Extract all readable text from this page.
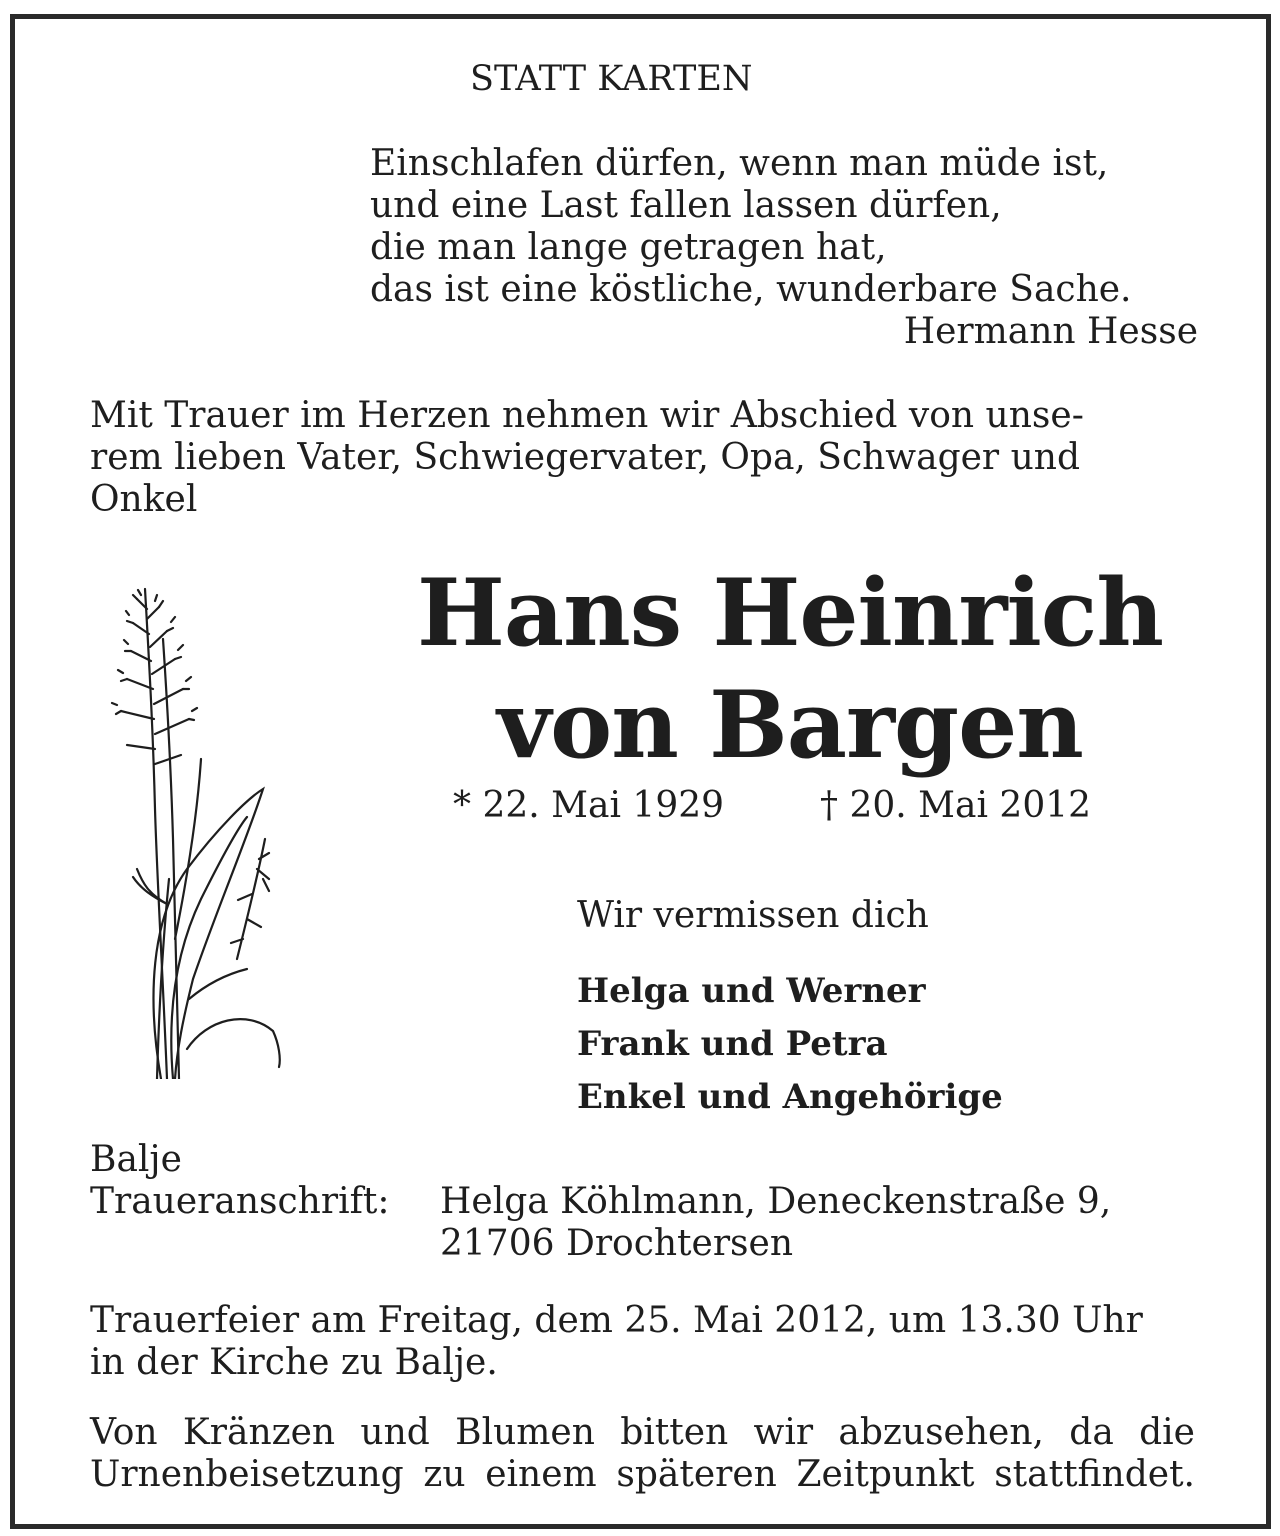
STATT KARTEN

Einschlafen dürfen, wenn man müde ist,
und eine Last fallen lassen dürfen,
die man lange getragen hat,
das ist eine köstliche, wunderbare Sache.

Hermann Hesse

Mit Trauer im Herzen nehmen wir Abschied von unse-
rem lieben Vater, Schwiegervater, Opa, Schwager und
Onkel
Hans Heinrich
von Bargen

* 22. Mai 1929	† 20. Mai 2012

Wir vermissen dich

Helga und Werner
Frank und Petra
Enkel und Angehörige

Balje

Traueranschrift: Helga Köhlmann, Deneckenstraße 9,
21706 Drochtersen
Trauerfeier am Freitag, dem 25. Mai 2012, um 13.30 Uhr
in der Kirche zu Balje.
Von Kränzen und Blumen bitten wir abzusehen, da die
Urnenbeisetzung zu einem späteren Zeitpunkt stattfindet.
